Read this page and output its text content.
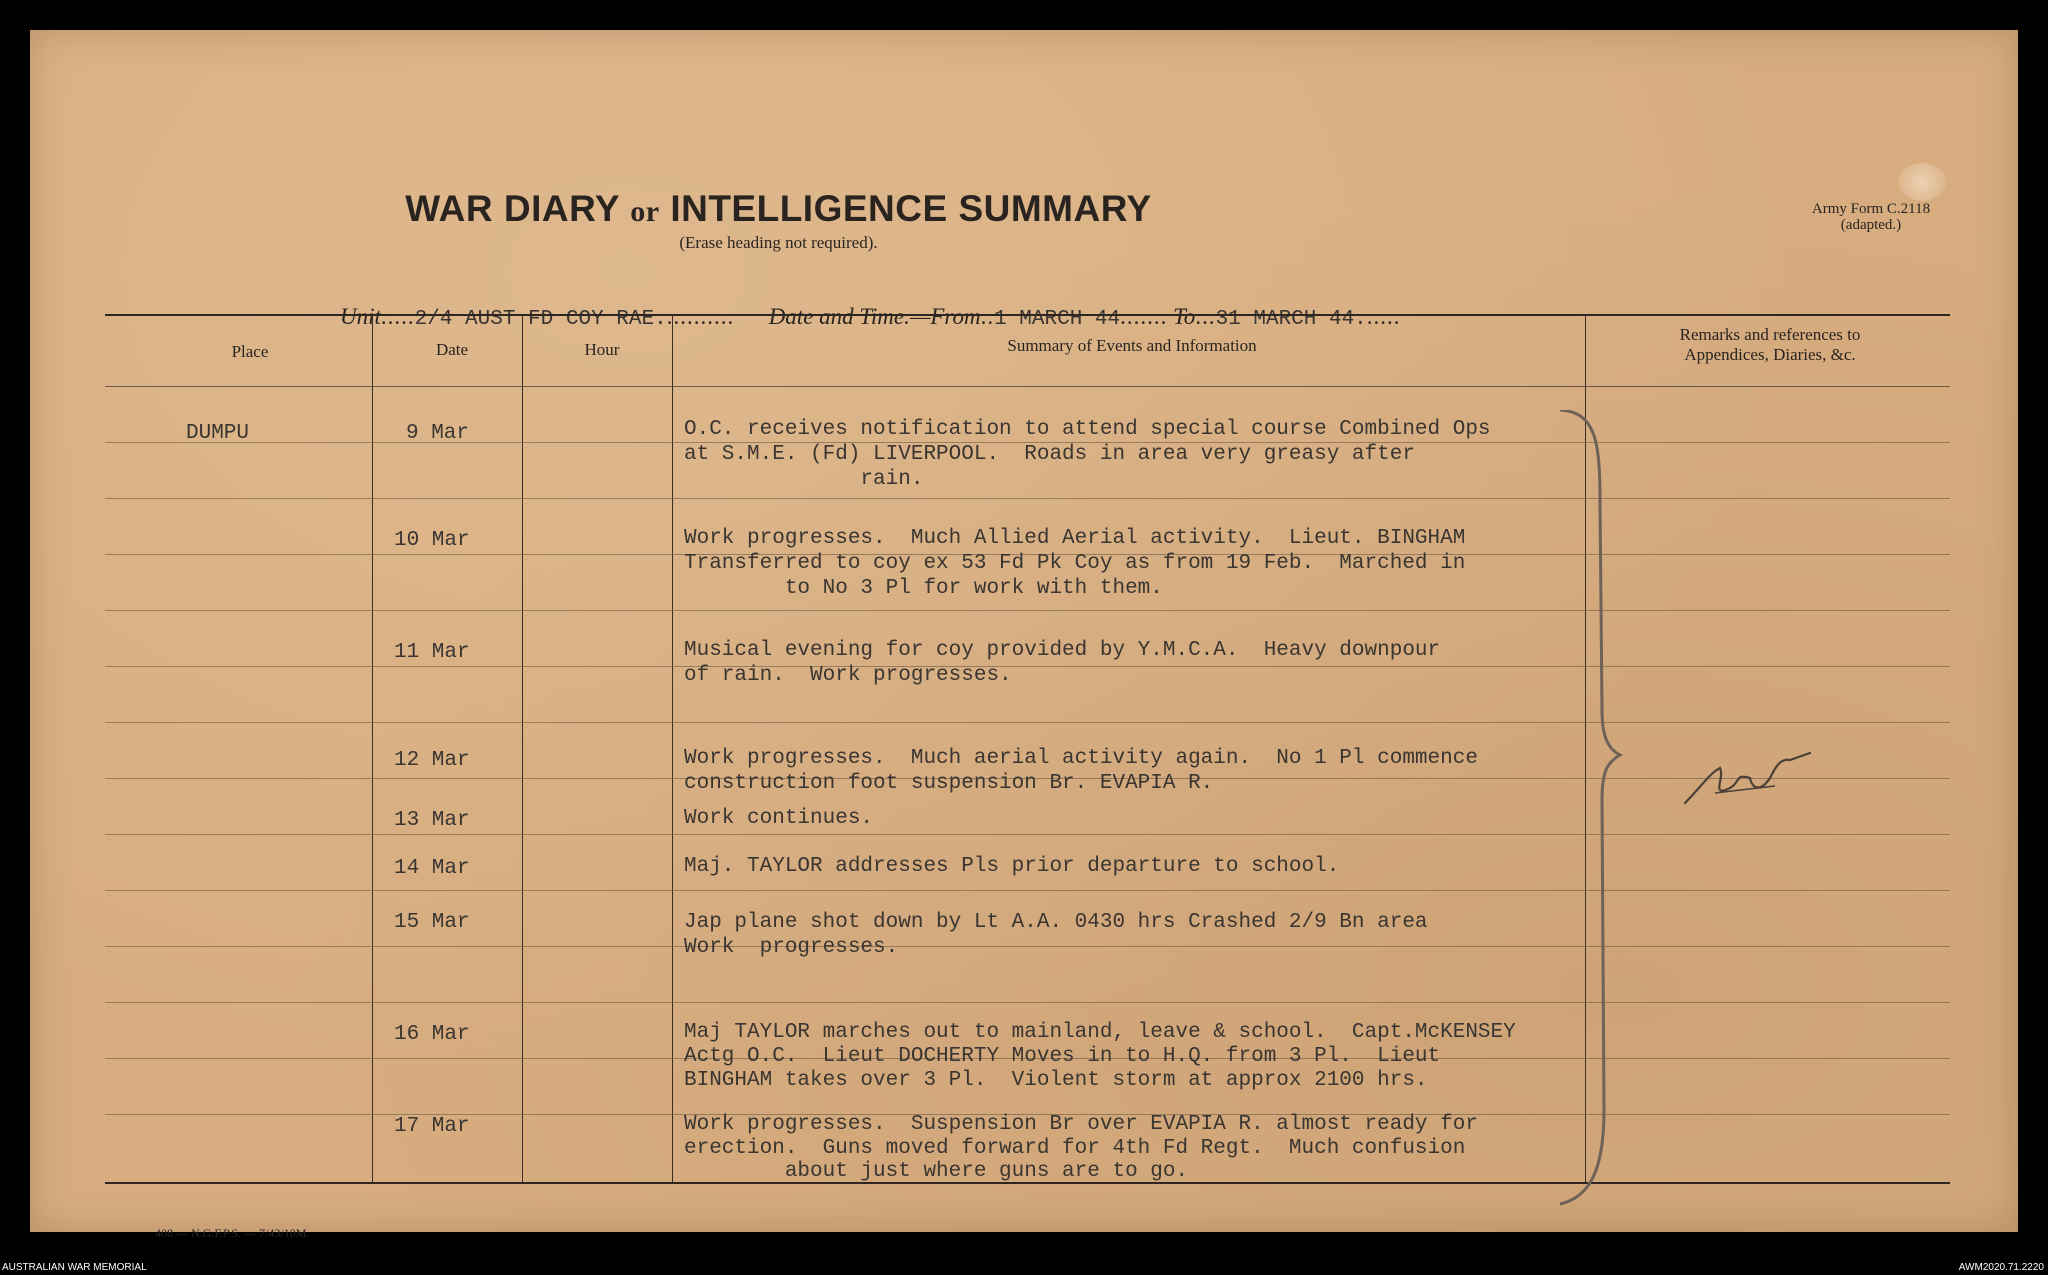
WAR DIARY or INTELLIGENCE SUMMARY
(Erase heading not required).
Army Form C.2118
(adapted.)
Unit.....2/4 AUST FD COY RAE........... Date and Time.—From..1 MARCH 44....... To...31 MARCH 44......
Place	Date	Hour	Summary of Events and Information
Remarks and references to
Appendices, Diaries, &c.
DUMPU	9 Mar	O.C. receives notification to attend special course Combined Ops
at S.M.E. (Fd) LIVERPOOL.  Roads in area very greasy after
rain.
10 Mar	Work progresses.  Much Allied Aerial activity.  Lieut. BINGHAM
Transferred to coy ex 53 Fd Pk Coy as from 19 Feb.  Marched in
to No 3 Pl for work with them.
11 Mar	Musical evening for coy provided by Y.M.C.A.  Heavy downpour
of rain.  Work progresses.
12 Mar	Work progresses.  Much aerial activity again.  No 1 Pl commence
construction foot suspension Br. EVAPIA R.
13 Mar	Work continues.
14 Mar	Maj. TAYLOR addresses Pls prior departure to school.
15 Mar	Jap plane shot down by Lt A.A. 0430 hrs Crashed 2/9 Bn area
Work  progresses.
16 Mar	Maj TAYLOR marches out to mainland, leave & school.  Capt.McKENSEY
Actg O.C.  Lieut DOCHERTY Moves in to H.Q. from 3 Pl.  Lieut
BINGHAM takes over 3 Pl.  Violent storm at approx 2100 hrs.
17 Mar	Work progresses.  Suspension Br over EVAPIA R. almost ready for
erection.  Guns moved forward for 4th Fd Regt.  Much confusion
about just where guns are to go.
408 — N.G.F.P.S. — 7/43/10M.
AUSTRALIAN WAR MEMORIAL	AWM2020.71.2220
